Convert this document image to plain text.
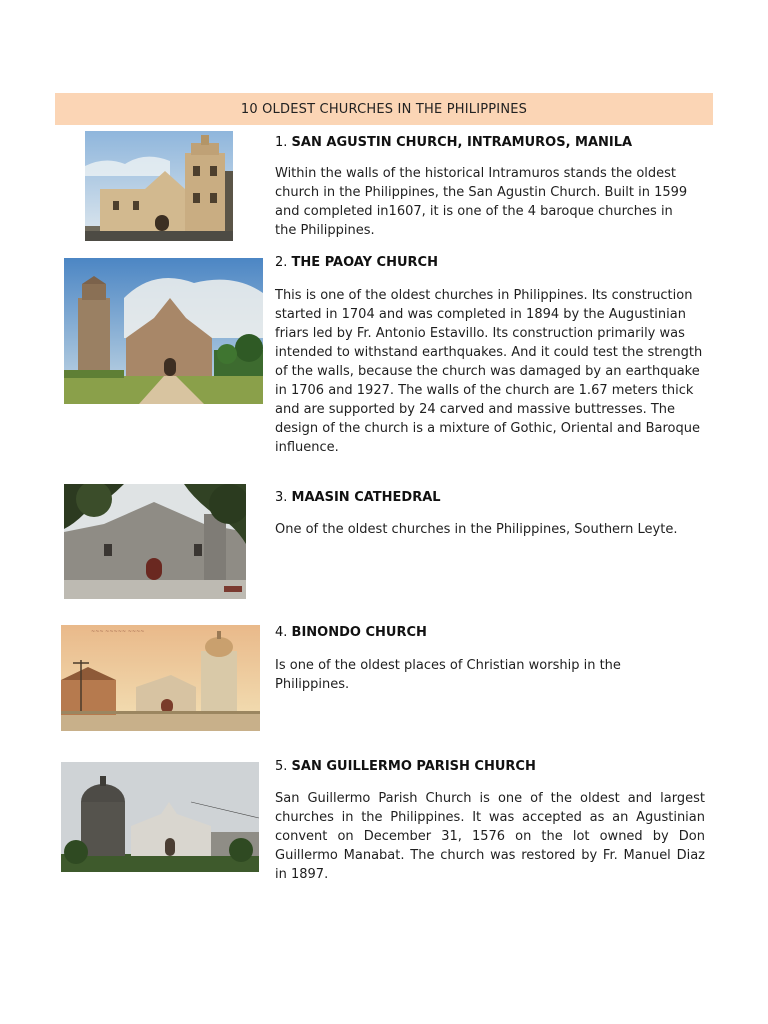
10 OLDEST CHURCHES IN THE PHILIPPINES
1. SAN AGUSTIN CHURCH, INTRAMUROS, MANILA
Within the walls of the historical Intramuros stands the oldest church in the Philippines, the San Agustin Church. Built in 1599 and completed in1607, it is one of the 4 baroque churches in the Philippines.
2. THE PAOAY CHURCH
This is one of the oldest churches in Philippines. Its construction started in 1704 and was completed in 1894 by the Augustinian friars led by Fr. Antonio Estavillo. Its construction primarily was intended to withstand earthquakes. And it could test the strength of the walls, because the church was damaged by an earthquake in 1706 and 1927. The walls of the church are 1.67 meters thick and are supported by 24 carved and massive buttresses. The design of the church is a mixture of Gothic, Oriental and Baroque influence.
3. MAASIN CATHEDRAL
One of the oldest churches in the Philippines, Southern Leyte.
~~~ ~~~~~ ~~~~	4. BINONDO CHURCH
Is one of the oldest places of Christian worship in the Philippines.
5. SAN GUILLERMO PARISH CHURCH
San Guillermo Parish Church is one of the oldest and largest churches in the Philippines. It was accepted as an Agustinian convent on December 31, 1576 on the lot owned by Don Guillermo Manabat. The church was restored by Fr. Manuel Diaz in 1897.
